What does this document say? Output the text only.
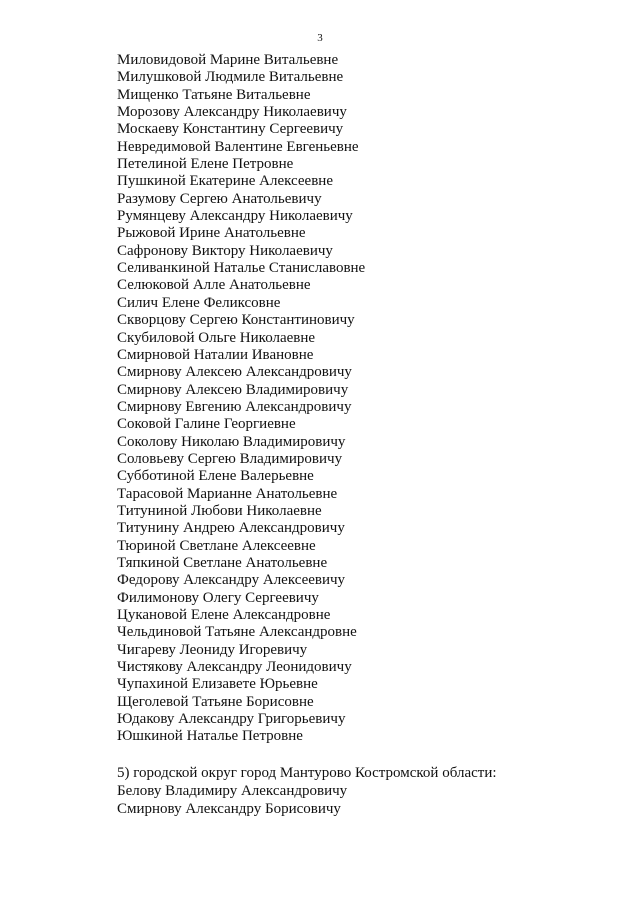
3
Миловидовой Марине Витальевне
Милушковой Людмиле Витальевне
Мищенко Татьяне Витальевне
Морозову Александру Николаевичу
Москаеву Константину Сергеевичу
Невредимовой Валентине Евгеньевне
Петелиной Елене Петровне
Пушкиной Екатерине Алексеевне
Разумову Сергею Анатольевичу
Румянцеву Александру Николаевичу
Рыжовой Ирине Анатольевне
Сафронову Виктору Николаевичу
Селиванкиной Наталье Станиславовне
Селюковой Алле Анатольевне
Силич Елене Феликсовне
Скворцову Сергею Константиновичу
Скубиловой Ольге Николаевне
Смирновой Наталии Ивановне
Смирнову Алексею Александровичу
Смирнову Алексею Владимировичу
Смирнову Евгению Александровичу
Соковой Галине Георгиевне
Соколову Николаю Владимировичу
Соловьеву Сергею Владимировичу
Субботиной Елене Валерьевне
Тарасовой Марианне Анатольевне
Титуниной Любови Николаевне
Титунину Андрею Александровичу
Тюриной Светлане Алексеевне
Тяпкиной Светлане Анатольевне
Федорову Александру Алексеевичу
Филимонову Олегу Сергеевичу
Цукановой Елене Александровне
Чельдиновой Татьяне Александровне
Чигареву Леониду Игоревичу
Чистякову Александру Леонидовичу
Чупахиной Елизавете Юрьевне
Щеголевой Татьяне Борисовне
Юдакову Александру Григорьевичу
Юшкиной Наталье Петровне
5) городской округ город Мантурово Костромской области:
Белову Владимиру Александровичу
Смирнову Александру Борисовичу
